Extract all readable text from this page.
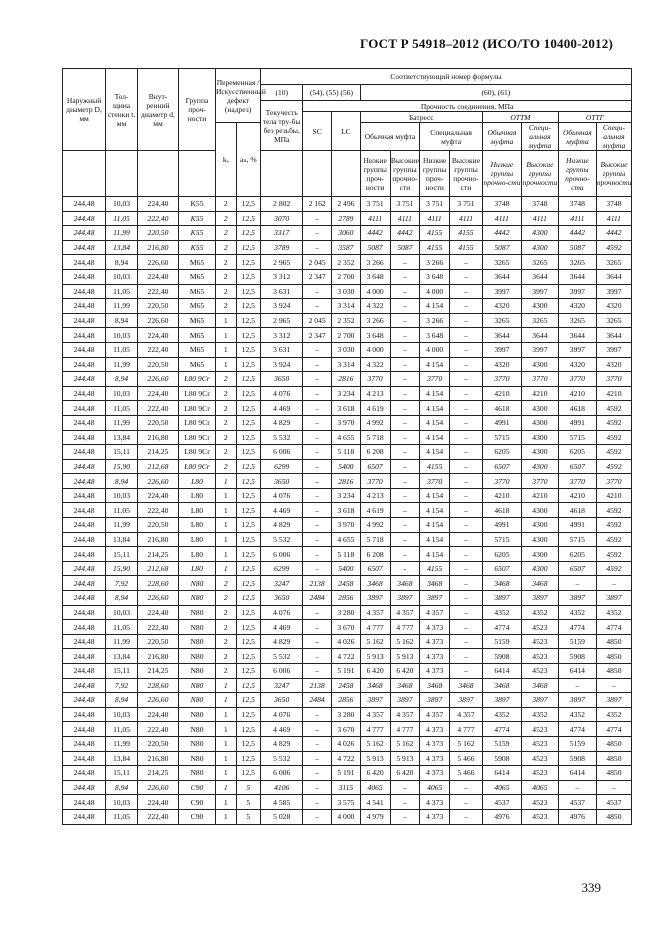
ГОСТ Р 54918–2012 (ИСО/ТО 10400-2012)
Наружный диаметр D, мм	Тол-щина стенки t, мм	Внут-ренний диаметр d, мм	Группа проч-ности	Переменная /Искусственный дефект (надрез)		Соответствующий номер формулы										
						(10)	(54), (55) (56)		(60), (61)							
						Текучесть тела тру-бы без резьбы, МПа	Прочность соединения, МПа									
							SC	LC	Батресс				ОТТМ		ОТТГ	
				kₐ	aₙ, %				Обычная муфта		Специальная муфта		Обычная муфта	Специ-альная муфта	Обычная муфта	Специ-альная муфта
									Низкие группы проч-ности	Высокие группы прочно-сти	Низкие группы проч-ности	Высокие группы прочно-сти	Низкие группы прочно-сти	Высокие группы прочности	Низкие группы прочно-сти	Высокие группы прочности
244,48	10,03	224,40	K55	2	12,5	2 802	2 162	2 496	3 751	3 751	3 751	3 751	3748	3748	3748	3748
244,48	11,05	222,40	K55	2	12,5	3070	–	2789	4111	4111	4111	4111	4111	4111	4111	4111
244,48	11,99	220,50	K55	2	12,5	3317	–	3060	4442	4442	4155	4155	4442	4300	4442	4442
244,48	13,84	216,80	K55	2	12,5	3789	–	3587	5087	5087	4155	4155	5087	4300	5087	4592
244,48	8,94	226,60	M65	2	12,5	2 965	2 045	2 352	3 266	–	3 266	–	3265	3265	3265	3265
244,48	10,03	224,40	M65	2	12,5	3 312	2 347	2 700	3 648	–	3 648	–	3644	3644	3644	3644
244,48	11,05	222,40	M65	2	12,5	3 631	–	3 030	4 000	–	4 000	–	3997	3997	3997	3997
244,48	11,99	220,50	M65	2	12,5	3 924	–	3 314	4 322	–	4 154	–	4320	4300	4320	4320
244,48	8,94	226,60	M65	1	12,5	2 965	2 045	2 352	3 266	–	3 266	–	3265	3265	3265	3265
244,48	10,03	224,40	M65	1	12,5	3 312	2 347	2 700	3 648	–	3 648	–	3644	3644	3644	3644
244,48	11,05	222,40	M65	1	12,5	3 631	–	3 030	4 000	–	4 000	–	3997	3997	3997	3997
244,48	11,99	220,50	M65	1	12,5	3 924	–	3 314	4 322	–	4 154	–	4320	4300	4320	4320
244,48	8,94	226,60	L80 9Cr	2	12,5	3650	–	2816	3770	–	3770	–	3770	3770	3770	3770
244,48	10,03	224,40	L80 9Cr	2	12,5	4 076	–	3 234	4 213	–	4 154	–	4210	4210	4210	4210
244,48	11,05	222,40	L80 9Cr	2	12,5	4 469	–	3 618	4 619	–	4 154	–	4618	4300	4618	4592
244,48	11,99	220,50	L80 9Cr	2	12,5	4 829	–	3 970	4 992	–	4 154	–	4991	4300	4991	4592
244,48	13,84	216,80	L80 9Cr	2	12,5	5 532	–	4 655	5 718	–	4 154	–	5715	4300	5715	4592
244,48	15,11	214,25	L80 9Cr	2	12,5	6 006	–	5 118	6 208	–	4 154	–	6205	4300	6205	4592
244,48	15,90	212,68	L80 9Cr	2	12,5	6299	–	5400	6507	–	4155	–	6507	4300	6507	4592
244,48	8,94	226,60	L80	1	12,5	3650	–	2816	3770	–	3770	–	3770	3770	3770	3770
244,48	10,03	224,40	L80	1	12,5	4 076	–	3 234	4 213	–	4 154	–	4210	4210	4210	4210
244,48	11,05	222,40	L80	1	12,5	4 469	–	3 618	4 619	–	4 154	–	4618	4300	4618	4592
244,48	11,99	220,50	L80	1	12,5	4 829	–	3 970	4 992	–	4 154	–	4991	4300	4991	4592
244,48	13,84	216,80	L80	1	12,5	5 532	–	4 655	5 718	–	4 154	–	5715	4300	5715	4592
244,48	15,11	214,25	L80	1	12,5	6 006	–	5 118	6 208	–	4 154	–	6205	4300	6205	4592
244,48	15,90	212,68	L80	1	12,5	6299	–	5400	6507	-	4155	–	6507	4300	6507	4592
244,48	7,92	228,60	N80	2	12,5	3247	2138	2458	3468	3468	3468	–	3468	3468	–	–
244,48	8,94	226,60	N80	2	12,5	3650	2484	2856	3897	3897	3897	–	3897	3897	3897	3897
244,48	10,03	224,40	N80	2	12,5	4 076	–	3 280	4 357	4 357	4 357	–	4352	4352	4352	4352
244,48	11,05	222,40	N80	2	12,5	4 469	–	3 670	4 777	4 777	4 373	–	4774	4523	4774	4774
244,48	11,99	220,50	N80	2	12,5	4 829	–	4 026	5 162	5 162	4 373	–	5159	4523	5159	4850
244,48	13,84	216,80	N80	2	12,5	5 532	–	4 722	5 913	5 913	4 373	–	5908	4523	5908	4850
244,48	15,11	214,25	N80	2	12,5	6 006	–	5 191	6 420	6 420	4 373	–	6414	4523	6414	4850
244,48	7,92	228,60	N80	1	12,5	3247	2138	2458	3468	3468	3468	3468	3468	3468	–	–
244,48	8,94	226,60	N80	1	12,5	3650	2484	2856	3897	3897	3897	3897	3897	3897	3897	3897
244,48	10,03	224,40	N80	1	12,5	4 076	–	3 280	4 357	4 357	4 357	4 357	4352	4352	4352	4352
244,48	11,05	222,40	N80	1	12,5	4 469	–	3 670	4 777	4 777	4 373	4 777	4774	4523	4774	4774
244,48	11,99	220,50	N80	1	12,5	4 829	–	4 026	5 162	5 162	4 373	5 162	5159	4523	5159	4850
244,48	13,84	216,80	N80	1	12,5	5 532	–	4 722	5 913	5 913	4 373	5 466	5908	4523	5908	4850
244,48	15,11	214,25	N80	1	12,5	6 006	–	5 191	6 420	6 420	4 373	5 466	6414	4523	6414	4850
244,48	8,94	226,60	C90	1	5	4106	–	3115	4065	–	4065	–	4065	4065	–	–
244,48	10,03	224,40	C90	1	5	4 585	–	3 575	4 541	–	4 373	–	4537	4523	4537	4537
244,48	11,05	222,40	C90	1	5	5 028	–	4 000	4 979	–	4 373	–	4976	4523	4976	4850
339
